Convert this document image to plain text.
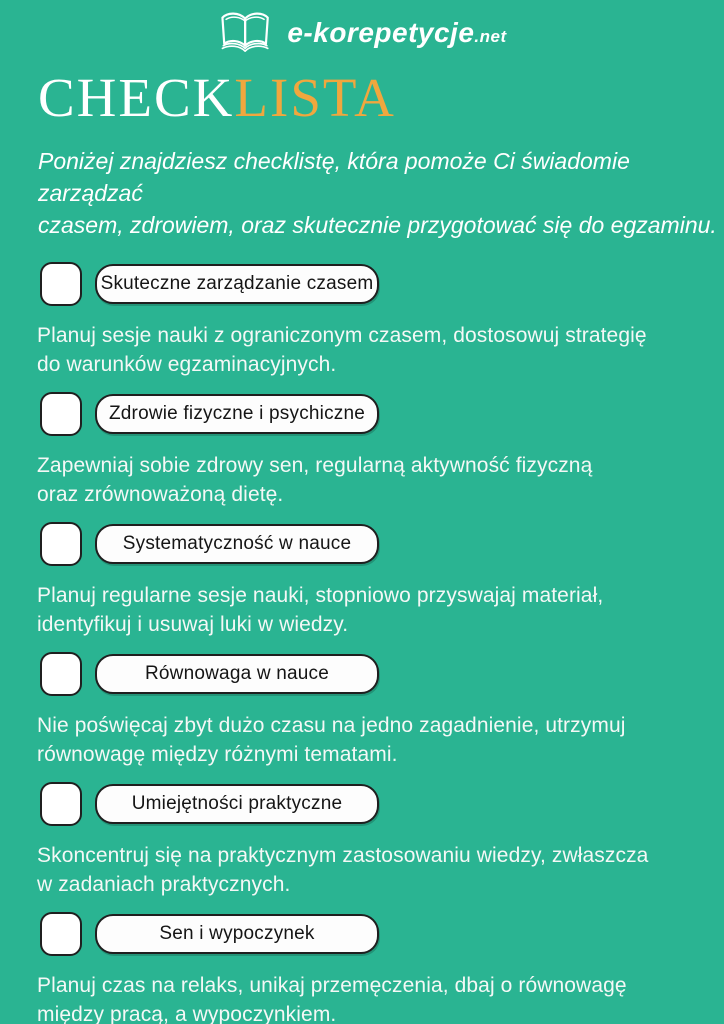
e-korepetycje.net
CHECKLISTA

Poniżej znajdziesz checklistę, która pomoże Ci świadomie zarządzać
czasem, zdrowiem, oraz skutecznie przygotować się do egzaminu.

Skuteczne zarządzanie czasem

Planuj sesje nauki z ograniczonym czasem, dostosowuj strategię
do warunków egzaminacyjnych.

Zdrowie fizyczne i psychiczne

Zapewniaj sobie zdrowy sen, regularną aktywność fizyczną
oraz zrównoważoną dietę.

Systematyczność w nauce

Planuj regularne sesje nauki, stopniowo przyswajaj materiał,
identyfikuj i usuwaj luki w wiedzy.

Równowaga w nauce

Nie poświęcaj zbyt dużo czasu na jedno zagadnienie, utrzymuj
równowagę między różnymi tematami.

Umiejętności praktyczne

Skoncentruj się na praktycznym zastosowaniu wiedzy, zwłaszcza
w zadaniach praktycznych.

Sen i wypoczynek

Planuj czas na relaks, unikaj przemęczenia, dbaj o równowagę
między pracą, a wypoczynkiem.
